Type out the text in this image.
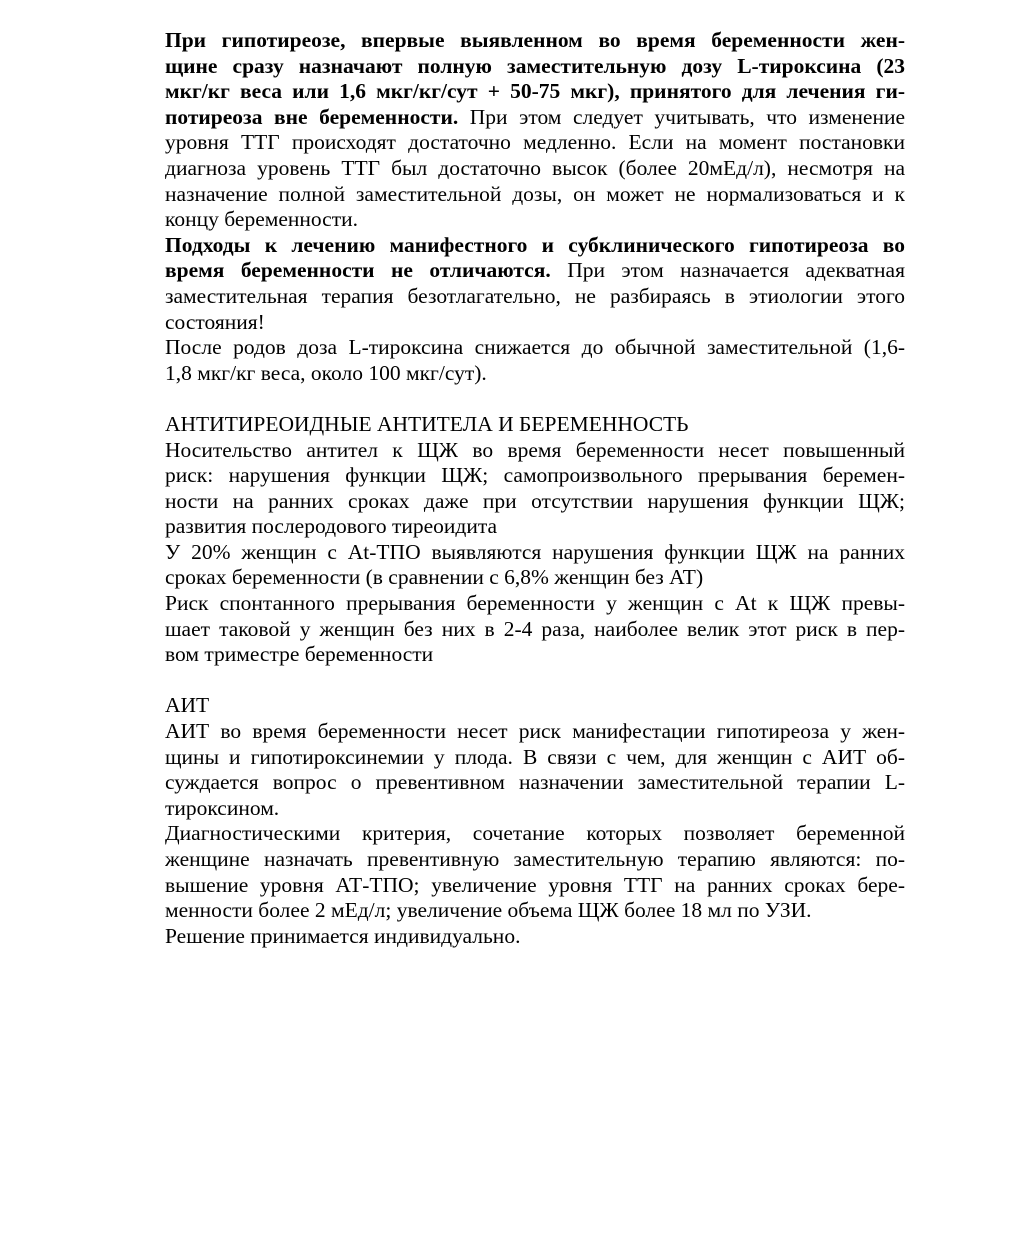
При гипотиреозе, впервые выявленном во время беременности жен-
щине сразу назначают полную заместительную дозу L-тироксина (23
мкг/кг веса или 1,6 мкг/кг/сут + 50-75 мкг), принятого для лечения ги-
потиреоза вне беременности. При этом следует учитывать, что изменение
уровня ТТГ происходят достаточно медленно. Если на момент постановки
диагноза уровень ТТГ был достаточно высок (более 20мЕд/л), несмотря на
назначение полной заместительной дозы, он может не нормализоваться и к
концу беременности.
Подходы к лечению манифестного и субклинического гипотиреоза во
время беременности не отличаются. При этом назначается адекватная
заместительная терапия безотлагательно, не разбираясь в этиологии этого
состояния!
После родов доза L-тироксина снижается до обычной заместительной (1,6-
1,8 мкг/кг веса, около 100 мкг/сут).
АНТИТИРЕОИДНЫЕ АНТИТЕЛА И БЕРЕМЕННОСТЬ
Носительство антител к ЩЖ во время беременности несет повышенный
риск: нарушения функции ЩЖ; самопроизвольного прерывания беремен-
ности на ранних сроках даже при отсутствии нарушения функции ЩЖ;
развития послеродового тиреоидита
У 20% женщин с At-ТПО выявляются нарушения функции ЩЖ на ранних
сроках беременности (в сравнении с 6,8% женщин без АТ)
Риск спонтанного прерывания беременности у женщин с At к ЩЖ превы-
шает таковой у женщин без них в 2-4 раза, наиболее велик этот риск в пер-
вом триместре беременности
АИТ
АИТ во время беременности несет риск манифестации гипотиреоза у жен-
щины и гипотироксинемии у плода. В связи с чем, для женщин с АИТ об-
суждается вопрос о превентивном назначении заместительной терапии L-
тироксином.
Диагностическими критерия, сочетание которых позволяет беременной
женщине назначать превентивную заместительную терапию являются: по-
вышение уровня АТ-ТПО; увеличение уровня ТТГ на ранних сроках бере-
менности более 2 мЕд/л; увеличение объема ЩЖ более 18 мл по УЗИ.
Решение принимается индивидуально.
